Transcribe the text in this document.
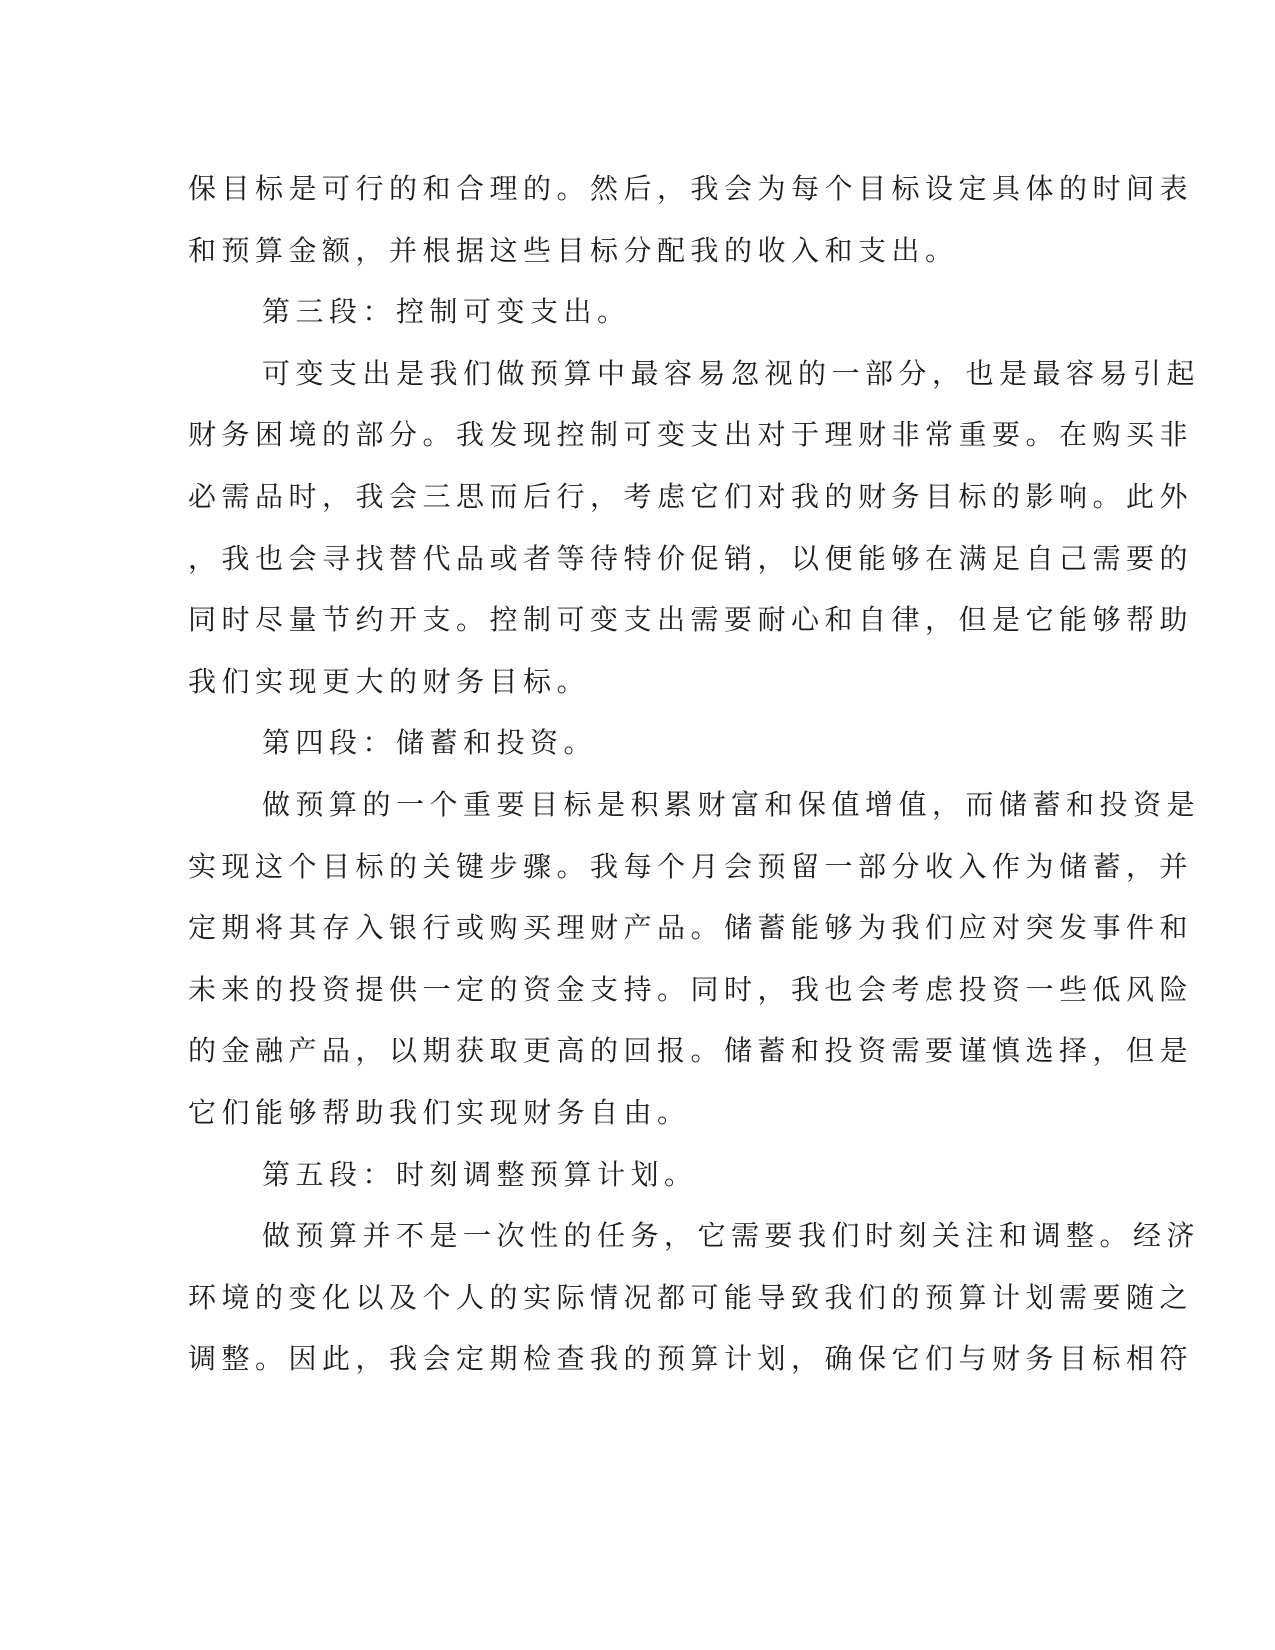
保目标是可行的和合理的。然后，我会为每个目标设定具体的时间表
和预算金额，并根据这些目标分配我的收入和支出。
第三段：控制可变支出。
可变支出是我们做预算中最容易忽视的一部分，也是最容易引起
财务困境的部分。我发现控制可变支出对于理财非常重要。在购买非
必需品时，我会三思而后行，考虑它们对我的财务目标的影响。此外
，我也会寻找替代品或者等待特价促销，以便能够在满足自己需要的
同时尽量节约开支。控制可变支出需要耐心和自律，但是它能够帮助
我们实现更大的财务目标。
第四段：储蓄和投资。
做预算的一个重要目标是积累财富和保值增值，而储蓄和投资是
实现这个目标的关键步骤。我每个月会预留一部分收入作为储蓄，并
定期将其存入银行或购买理财产品。储蓄能够为我们应对突发事件和
未来的投资提供一定的资金支持。同时，我也会考虑投资一些低风险
的金融产品，以期获取更高的回报。储蓄和投资需要谨慎选择，但是
它们能够帮助我们实现财务自由。
第五段：时刻调整预算计划。
做预算并不是一次性的任务，它需要我们时刻关注和调整。经济
环境的变化以及个人的实际情况都可能导致我们的预算计划需要随之
调整。因此，我会定期检查我的预算计划，确保它们与财务目标相符
